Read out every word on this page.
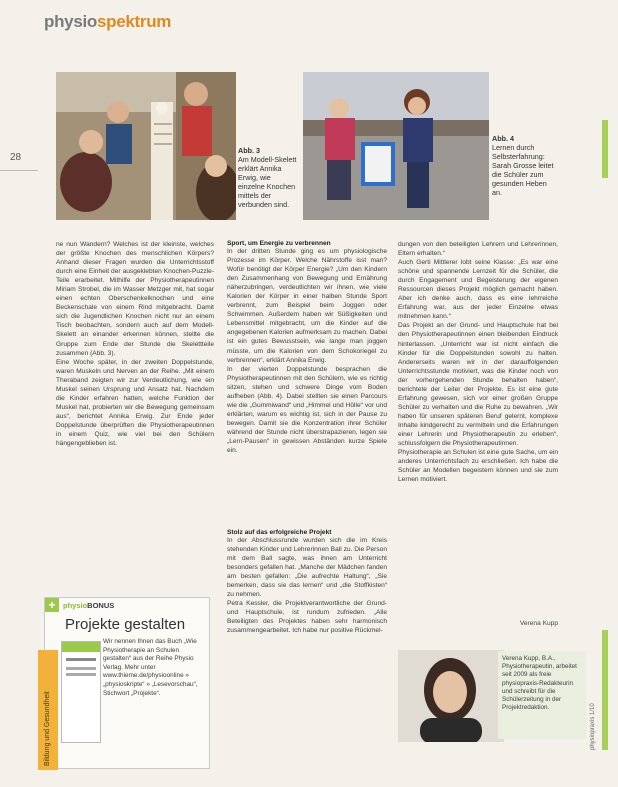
physiospektrum
28
Abb. 3
Am Modell-Skelett erklärt Annika Erwig, wie einzelne Knochen mittels der verbunden sind.
Abb. 4
Lernen durch Selbsterfahrung: Sarah Grosse leitet die Schüler zum gesunden Heben an.
ne nun Wandern? Welches ist der kleinste, welches der größte Knochen des menschlichen Körpers? Anhand dieser Fragen wurden die Unterrichtsstoff durch eine Einheit der ausgeklebten Knochen-Puzzle-Teile erarbeitet. Mithilfe der Physiotherapeutinnen Miriam Strobel, die im Wasser Metzger mit, hat sogar einen echten Oberschenkelknochen und eine Beckenschale von einem Rind mitgebracht. Damit sich die Jugendlichen Knochen nicht nur an einem Tisch beobachten, sondern auch auf dem Modell-Skelett an einander erkennen können, stellte die Gruppe zum Ende der Stunde die Skelettteile zusammen (Abb. 3).
Eine Woche später, in der zweiten Doppelstunde, waren Muskeln und Nerven an der Reihe. „Mit einem Theraband zeigten wir zur Verdeutlichung, wie ein Muskel seinen Ursprung und Ansatz hat. Nachdem die Kinder erfahren hatten, welche Funktion der Muskel hat, probierten wir die Bewegung gemeinsam aus“, berichtet Annika Erwig. Zur Ende jeder Doppelstunde überprüften die Physiotherapeutinnen in einem Quiz, wie viel bei den Schülern hängengeblieben ist.
Sport, um Energie zu verbrennen
In der dritten Stunde ging es um physiologische Prozesse im Körper. Welche Nährstoffe isst man? Wofür benötigt der Körper Energie? „Um den Kindern den Zusammenhang von Bewegung und Ernährung näherzubringen, verdeutlichten wir ihnen, wie viele Kalorien der Körper in einer halben Stunde Sport verbrennt, zum Beispiel beim Joggen oder Schwimmen. Außerdem haben wir Süßigkeiten und Lebensmittel mitgebracht, um die Kinder auf die angegebenen Kalorien aufmerksam zu machen. Dabei ist ein gutes Bewusstsein, wie lange man joggen müsste, um die Kalorien von dem Schokoriegel zu verbrennen“, erklärt Annika Erwig.
In der vierten Doppelstunde besprachen die Physiotherapeutinnen mit den Schülern, wie es richtig sitzen, stehen und schwere Dinge vom Boden aufheben (Abb. 4). Dabei stellten sie einen Parcours wie die „Gummiwand“ und „Himmel und Hölle“ vor und erklärten, warum es wichtig ist, sich in der Pause zu bewegen. Damit sie die Konzentration ihrer Schüler während der Stunde nicht überstrapazieren, legen sie „Lern-Pausen“ in gewissen Abständen kurze Spiele ein.
Stolz auf das erfolgreiche Projekt
In der Abschlussrunde wurden sich die im Kreis stehenden Kinder und Lehrerinnen Ball zu. Die Person mit dem Ball sagte, was ihnen am Unterricht besonders gefallen hat. „Manche der Mädchen fanden am besten gefallen: „Die aufrechte Haltung“, „Sie bemerken, dass sie das lernen“ und „die Stoffkisten“ zu nehmen.
Petra Kessler, die Projektverantwortliche der Grund- und Hauptschule, ist rundum zufrieden. „Alle Beteiligten des Projektes haben sehr harmonisch zusammengearbeitet. Ich habe nur positive Rückmel-
dungen von den beteiligten Lehrern und Lehrerinnen, Eltern erhalten.“
Auch Gerti Mittlerer lobt seine Klasse: „Es war eine schöne und spannende Lernzeit für die Schüler, die durch Engagement und Begeisterung der eigenen Ressourcen dieses Projekt möglich gemacht haben. Aber ich denke auch, dass es eine lehrreiche Erfahrung war, aus der jeder Einzelne etwas mitnehmen kann.“
Das Projekt an der Grund- und Hauptschule hat bei den Physiotherapeutinnen einen bleibenden Eindruck hinterlassen. „Unterricht war ist nicht einfach die Kinder für die Doppelstunden sowohl zu halten. Andererseits waren wir in der darauffolgenden Unterrichtsstunde motiviert, was die Kinder noch von der vorhergehenden Stunde behalten haben“, berichtete der Leiter der Projekte. Es ist eine gute Erfahrung gewesen, sich vor einer großen Gruppe Schüler zu verhalten und die Ruhe zu bewahren. „Wir haben für unseren späteren Beruf gelernt, komplexe Inhalte kindgerecht zu vermitteln und die Erfahrungen einer Lehrerin und Physiotherapeutin zu erleben“, schlussfolgern die Physiotherapeutinnen.
Physiotherapie an Schulen ist eine gute Sache, um ein anderes Unterrichtsfach zu erschließen. Ich habe die Schüler an Modellen begeistern können und sie zum Lernen motiviert.
Verena Kupp
+	physioBONUS
Projekte gestalten
Wir nennen Ihnen das Buch „Wie Physiotherapie an Schulen gestalten“ aus der Reihe Physio Verlag. Mehr unter www.thieme.de/physioonline » „physioskripte“ » „Lesevorschau“, Stichwort „Projekte“.
Bildung und Gesundheit
Verena Kupp, B.A., Physiotherapeutin, arbeitet seit 2009 als freie physiopraxis-Redakteurin und schreibt für die Schülerzeitung in der Projektredaktion.	physiopraxis 1/10
